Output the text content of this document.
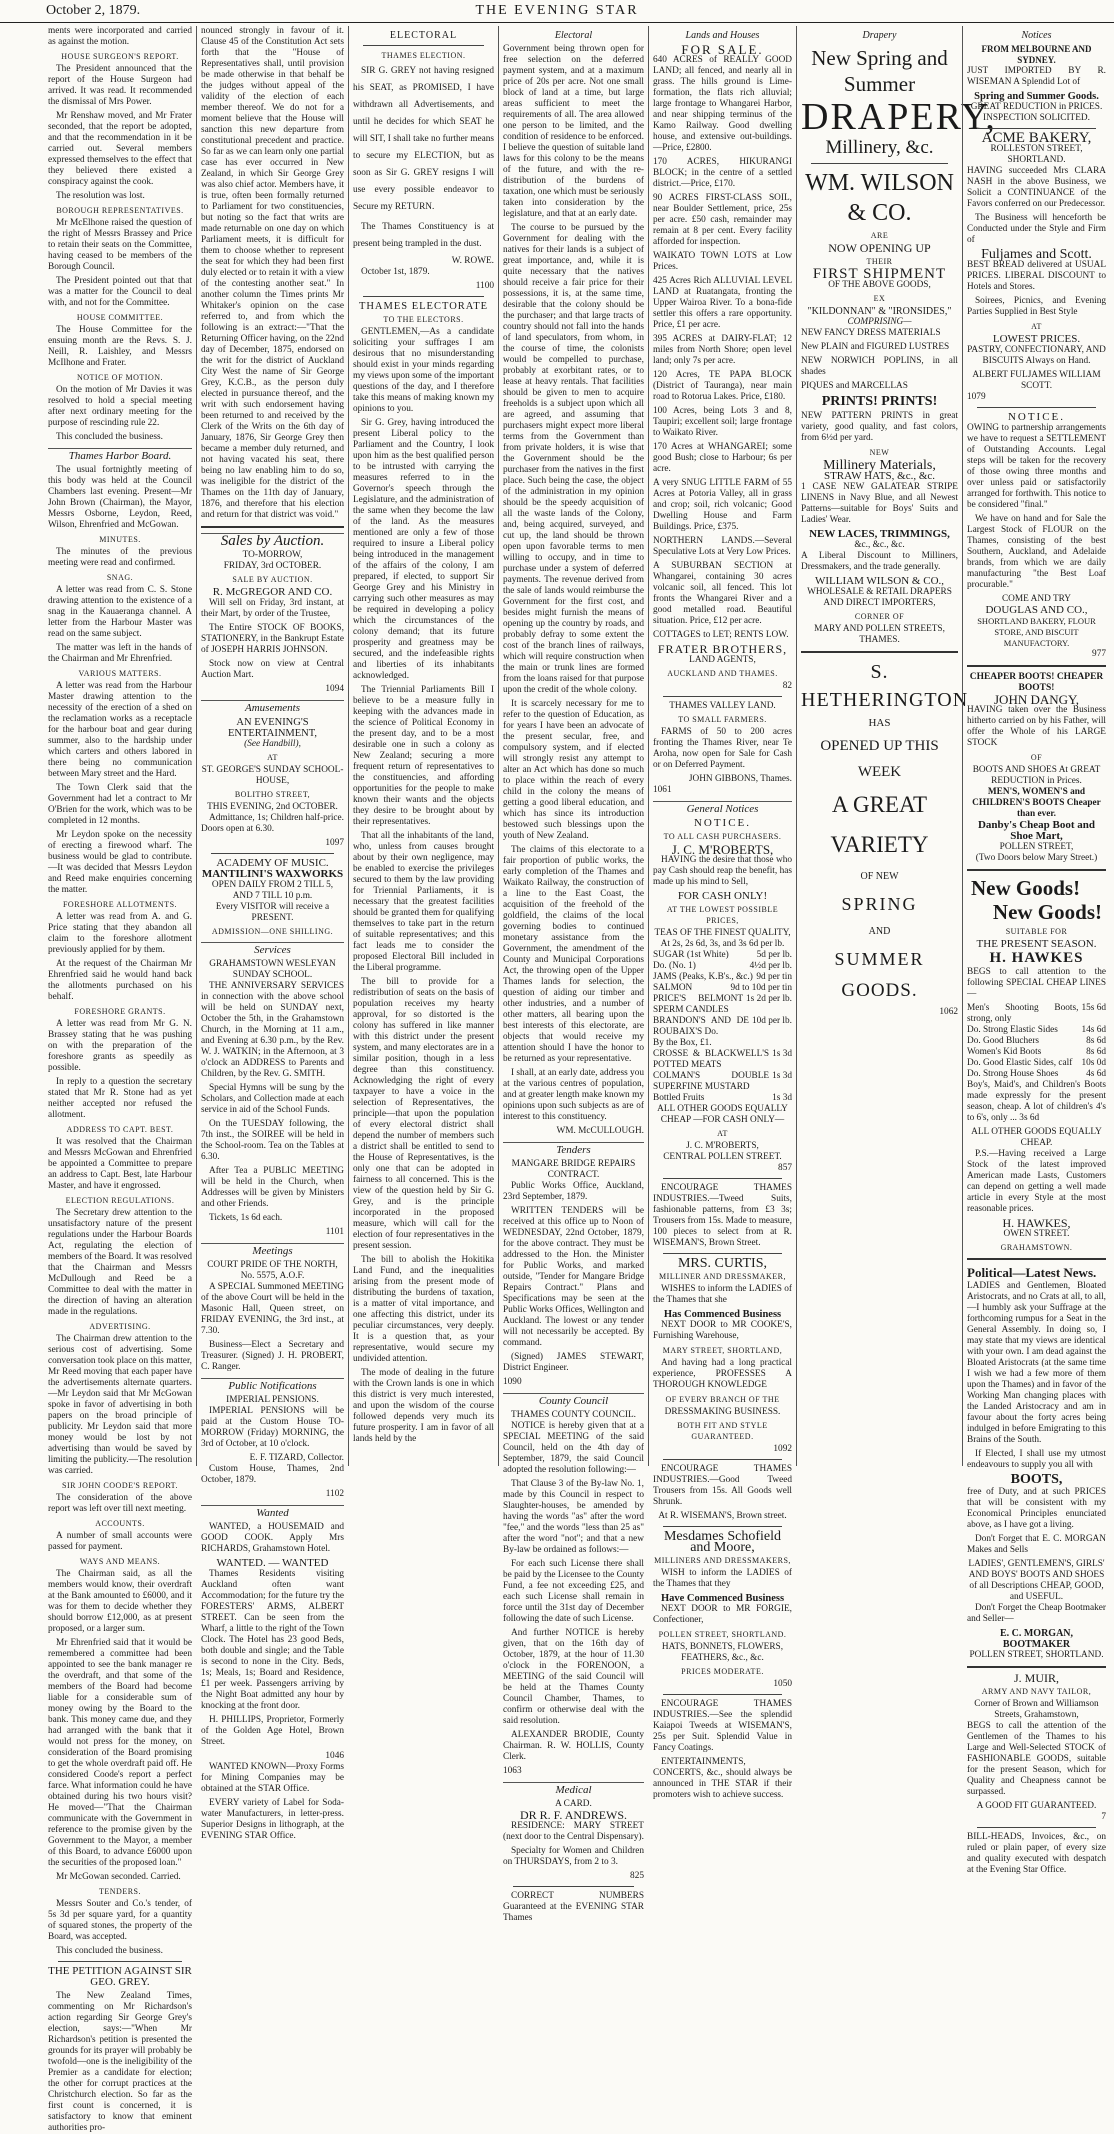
October 2, 1879.	THE EVENING STAR

ments were incorporated and carried as against the motion.

HOUSE SURGEON'S REPORT.

The President announced that the report of the House Surgeon had arrived. It was read. It recommended the dismissal of Mrs Power.

Mr Renshaw moved, and Mr Frater seconded, that the report be adopted, and that the recommendation in it be carried out. Several members expressed themselves to the effect that they believed there existed a conspiracy against the cook.

The resolution was lost.

BOROUGH REPRESENTATIVES.

Mr McElhone raised the question of the right of Messrs Brassey and Price to retain their seats on the Committee, having ceased to be members of the Borough Council.

The President pointed out that that was a matter for the Council to deal with, and not for the Committee.

HOUSE COMMITTEE.

The House Committee for the ensuing month are the Revs. S. J. Neill, R. Laishley, and Messrs McIlhone and Frater.

NOTICE OF MOTION.

On the motion of Mr Davies it was resolved to hold a special meeting after next ordinary meeting for the purpose of rescinding rule 22.

This concluded the business.

Thames Harbor Board.

The usual fortnightly meeting of this body was held at the Council Chambers last evening. Present—Mr John Brown (Chairman), the Mayor, Messrs Osborne, Leydon, Reed, Wilson, Ehrenfried and McGowan.

MINUTES.

The minutes of the previous meeting were read and confirmed.

SNAG.

A letter was read from C. S. Stone drawing attention to the existence of a snag in the Kauaeranga channel. A letter from the Harbour Master was read on the same subject.

The matter was left in the hands of the Chairman and Mr Ehrenfried.

VARIOUS MATTERS.

A letter was read from the Harbour Master drawing attention to the necessity of the erection of a shed on the reclamation works as a receptacle for the harbour boat and gear during summer, also to the hardship under which carters and others labored in there being no communication between Mary street and the Hard.

The Town Clerk said that the Government had let a contract to Mr O'Brien for the work, which was to be completed in 12 months.

Mr Leydon spoke on the necessity of erecting a firewood wharf. The business would be glad to contribute.—It was decided that Messrs Leydon and Reed make enquiries concerning the matter.

FORESHORE ALLOTMENTS.

A letter was read from A. and G. Price stating that they abandon all claim to the foreshore allotment previously applied for by them.

At the request of the Chairman Mr Ehrenfried said he would hand back the allotments purchased on his behalf.

FORESHORE GRANTS.

A letter was read from Mr G. N. Brassey stating that he was pushing on with the preparation of the foreshore grants as speedily as possible.

In reply to a question the secretary stated that Mr R. Stone had as yet neither accepted nor refused the allotment.

ADDRESS TO CAPT. BEST.

It was resolved that the Chairman and Messrs McGowan and Ehrenfried be appointed a Committee to prepare an address to Capt. Best, late Harbour Master, and have it engrossed.

ELECTION REGULATIONS.

The Secretary drew attention to the unsatisfactory nature of the present regulations under the Harbour Boards Act, regulating the election of members of the Board. It was resolved that the Chairman and Messrs McDullough and Reed be a Committee to deal with the matter in the direction of having an alteration made in the regulations.

ADVERTISING.

The Chairman drew attention to the serious cost of advertising. Some conversation took place on this matter, Mr Reed moving that each paper have the advertisements alternate quarters.—Mr Leydon said that Mr McGowan spoke in favor of advertising in both papers on the broad principle of publicity. Mr Leydon said that more money would be lost by not advertising than would be saved by limiting the publicity.—The resolution was carried.

SIR JOHN COODE'S REPORT.

The consideration of the above report was left over till next meeting.

ACCOUNTS.

A number of small accounts were passed for payment.

WAYS AND MEANS.

The Chairman said, as all the members would know, their overdraft at the Bank amounted to £6000, and it was for them to decide whether they should borrow £12,000, as at present proposed, or a larger sum.

Mr Ehrenfried said that it would be remembered a committee had been appointed to see the bank manager re the overdraft, and that some of the members of the Board had become liable for a considerable sum of money owing by the Board to the bank. This money came due, and they had arranged with the bank that it would not press for the money, on consideration of the Board promising to get the whole overdraft paid off. He considered Coode's report a perfect farce. What information could he have obtained during his two hours visit? He moved—"That the Chairman communicate with the Government in reference to the promise given by the Government to the Mayor, a member of this Board, to advance £6000 upon the securities of the proposed loan."

Mr McGowan seconded. Carried.

TENDERS.

Messrs Souter and Co.'s tender, of 5s 3d per square yard, for a quantity of squared stones, the property of the Board, was accepted.

This concluded the business.

THE PETITION AGAINST SIR GEO. GREY.

The New Zealand Times, commenting on Mr Richardson's action regarding Sir George Grey's election, says:—"When Mr Richardson's petition is presented the grounds for its prayer will probably be twofold—one is the ineligibility of the Premier as a candidate for election; the other for corrupt practices at the Christchurch election. So far as the first count is concerned, it is satisfactory to know that eminent authorities pro-

nounced strongly in favour of it. Clause 45 of the Constitution Act sets forth that the "House of Representatives shall, until provision be made otherwise in that behalf be the judges without appeal of the validity of the election of each member thereof. We do not for a moment believe that the House will sanction this new departure from constitutional precedent and practice. So far as we can learn only one partial case has ever occurred in New Zealand, in which Sir George Grey was also chief actor. Members have, it is true, often been formally returned to Parliament for two constituencies, but noting so the fact that writs are made returnable on one day on which Parliament meets, it is difficult for them to choose whether to represent the seat for which they had been first duly elected or to retain it with a view of the contesting another seat." In another column the Times prints Mr Whitaker's opinion on the case referred to, and from which the following is an extract:—"That the Returning Officer having, on the 22nd day of December, 1875, endorsed on the writ for the district of Auckland City West the name of Sir George Grey, K.C.B., as the person duly elected in pursuance thereof, and the writ with such endorsement having been returned to and received by the Clerk of the Writs on the 6th day of January, 1876, Sir George Grey then became a member duly returned, and not having vacated his seat, there being no law enabling him to do so, was ineligible for the district of the Thames on the 11th day of January, 1876, and therefore that his election and return for that district was void."

Sales by Auction.
TO-MORROW,
FRIDAY, 3rd OCTOBER.
SALE BY AUCTION.
R. McGREGOR AND CO.

Will sell on Friday, 3rd instant, at their Mart, by order of the Trustee,

The Entire STOCK OF BOOKS, STATIONERY, in the Bankrupt Estate of JOSEPH HARRIS JOHNSON.

Stock now on view at Central Auction Mart.

1094
Amusements
AN EVENING'S ENTERTAINMENT,
(See Handbill),
AT
ST. GEORGE'S SUNDAY SCHOOL-HOUSE,
BOLITHO STREET,
THIS EVENING, 2nd OCTOBER.

Admittance, 1s; Children half-price. Doors open at 6.30.

1097
ACADEMY OF MUSIC.
MANTILINI'S WAXWORKS
OPEN DAILY FROM 2 TILL 5, AND 7 TILL 10 p.m.
Every VISITOR will receive a PRESENT.
ADMISSION—ONE SHILLING.
Services
GRAHAMSTOWN WESLEYAN SUNDAY SCHOOL.

THE ANNIVERSARY SERVICES in connection with the above school will be held on SUNDAY next, October the 5th, in the Grahamstown Church, in the Morning at 11 a.m., and Evening at 6.30 p.m., by the Rev. W. J. WATKIN; in the Afternoon, at 3 o'clock an ADDRESS to Parents and Children, by the Rev. G. SMITH.

Special Hymns will be sung by the Scholars, and Collection made at each service in aid of the School Funds.

On the TUESDAY following, the 7th inst., the SOIREE will be held in the School-room. Tea on the Tables at 6.30.

After Tea a PUBLIC MEETING will be held in the Church, when Addresses will be given by Ministers and other Friends.

Tickets, 1s 6d each.

1101
Meetings
COURT PRIDE OF THE NORTH, No. 5575, A.O.F.

A SPECIAL Summoned MEETING of the above Court will be held in the Masonic Hall, Queen street, on FRIDAY EVENING, the 3rd inst., at 7.30.

Business—Elect a Secretary and Treasurer. (Signed) J. H. PROBERT, C. Ranger.

Public Notifications
IMPERIAL PENSIONS.

IMPERIAL PENSIONS will be paid at the Custom House TO-MORROW (Friday) MORNING, the 3rd of October, at 10 o'clock.

E. F. TIZARD, Collector.

Custom House, Thames, 2nd October, 1879.

1102
Wanted

WANTED, a HOUSEMAID and GOOD COOK. Apply Mrs RICHARDS, Grahamstown Hotel.

WANTED. — WANTED

Thames Residents visiting Auckland often want Accommodation; for the future try the FORESTERS' ARMS, ALBERT STREET. Can be seen from the Wharf, a little to the right of the Town Clock. The Hotel has 23 good Beds, both double and single; and the Table is second to none in the City. Beds, 1s; Meals, 1s; Board and Residence, £1 per week. Passengers arriving by the Night Boat admitted any hour by knocking at the front door.

H. PHILLIPS, Proprietor, Formerly of the Golden Age Hotel, Brown Street.

1046

WANTED KNOWN—Proxy Forms for Mining Companies may be obtained at the STAR Office.

EVERY variety of Label for Soda-water Manufacturers, in letter-press. Superior Designs in lithograph, at the EVENING STAR Office.

ELECTORAL
THAMES ELECTION.

SIR G. GREY not having resigned his SEAT, as PROMISED, I have withdrawn all Advertisements, and until he decides for which SEAT he will SIT, I shall take no further means to secure my ELECTION, but as soon as Sir G. GREY resigns I will use every possible endeavor to Secure my RETURN.

The Thames Constituency is at present being trampled in the dust.

W. ROWE.

October 1st, 1879.

1100
THAMES ELECTORATE
TO THE ELECTORS.

GENTLEMEN,—As a candidate soliciting your suffrages I am desirous that no misunderstanding should exist in your minds regarding my views upon some of the important questions of the day, and I therefore take this means of making known my opinions to you.

Sir G. Grey, having introduced the present Liberal policy to the Parliament and the Country, I look upon him as the best qualified person to be intrusted with carrying the measures referred to in the Governor's speech through the Legislature, and the administration of the same when they become the law of the land. As the measures mentioned are only a few of those required to insure a Liberal policy being introduced in the management of the affairs of the colony, I am prepared, if elected, to support Sir George Grey and his Ministry in carrying such other measures as may be required in developing a policy which the circumstances of the colony demand; that its future prosperity and greatness may be secured, and the indefeasible rights and liberties of its inhabitants acknowledged.

The Triennial Parliaments Bill I believe to be a measure fully in keeping with the advances made in the science of Political Economy in the present day, and to be a most desirable one in such a colony as New Zealand; securing a more frequent return of representatives to the constituencies, and affording opportunities for the people to make known their wants and the objects they desire to be brought about by their representatives.

That all the inhabitants of the land, who, unless from causes brought about by their own negligence, may be enabled to exercise the privileges secured to them by the law providing for Triennial Parliaments, it is necessary that the greatest facilities should be granted them for qualifying themselves to take part in the return of suitable representatives; and this fact leads me to consider the proposed Electoral Bill included in the Liberal programme.

The bill to provide for a redistribution of seats on the basis of population receives my hearty approval, for so distorted is the colony has suffered in like manner with this district under the present system, and many electorates are in a similar position, though in a less degree than this constituency. Acknowledging the right of every taxpayer to have a voice in the selection of Representatives, the principle—that upon the population of every electoral district shall depend the number of members such a district shall be entitled to send to the House of Representatives, is the only one that can be adopted in fairness to all concerned. This is the view of the question held by Sir G. Grey, and is the principle incorporated in the proposed measure, which will call for the election of four representatives in the present session.

The bill to abolish the Hokitika Land Fund, and the inequalities arising from the present mode of distributing the burdens of taxation, is a matter of vital importance, and one affecting this district, under its peculiar circumstances, very deeply. It is a question that, as your representative, would secure my undivided attention.

The mode of dealing in the future with the Crown lands is one in which this district is very much interested, and upon the wisdom of the course followed depends very much its future prosperity. I am in favor of all lands held by the

Electoral

Government being thrown open for free selection on the deferred payment system, and at a maximum price of 20s per acre. Not one small block of land at a time, but large areas sufficient to meet the requirements of all. The area allowed one person to be limited, and the condition of residence to be enforced. I believe the question of suitable land laws for this colony to be the means of the future, and with the re-distribution of the burdens of taxation, one which must be seriously taken into consideration by the legislature, and that at an early date.

The course to be pursued by the Government for dealing with the natives for their lands is a subject of great importance, and, while it is quite necessary that the natives should receive a fair price for their possessions, it is, at the same time, desirable that the colony should be the purchaser; and that large tracts of country should not fall into the hands of land speculators, from whom, in the course of time, the colonists would be compelled to purchase, probably at exorbitant rates, or to lease at heavy rentals. That facilities should be given to men to acquire freeholds is a subject upon which all are agreed, and assuming that purchasers might expect more liberal terms from the Government than from private holders, it is wise that the Government should be the purchaser from the natives in the first place. Such being the case, the object of the administration in my opinion should be the speedy acquisition of all the waste lands of the Colony, and, being acquired, surveyed, and cut up, the land should be thrown open upon favorable terms to men willing to occupy, and in time to purchase under a system of deferred payments. The revenue derived from the sale of lands would reimburse the Government for the first cost, and besides might furnish the means of opening up the country by roads, and probably defray to some extent the cost of the branch lines of railways, which will require construction when the main or trunk lines are formed from the loans raised for that purpose upon the credit of the whole colony.

It is scarcely necessary for me to refer to the question of Education, as for years I have been an advocate of the present secular, free, and compulsory system, and if elected will strongly resist any attempt to alter an Act which has done so much to place within the reach of every child in the colony the means of getting a good liberal education, and which has since its introduction bestowed such blessings upon the youth of New Zealand.

The claims of this electorate to a fair proportion of public works, the early completion of the Thames and Waikato Railway, the construction of a line to the East Coast, the acquisition of the freehold of the goldfield, the claims of the local governing bodies to continued monetary assistance from the Government, the amendment of the County and Municipal Corporations Act, the throwing open of the Upper Thames lands for selection, the question of aiding our timber and other industries, and a number of other matters, all bearing upon the best interests of this electorate, are objects that would receive my attention should I have the honor to be returned as your representative.

I shall, at an early date, address you at the various centres of population, and at greater length make known my opinions upon such subjects as are of interest to this constituency.

WM. McCULLOUGH.
Tenders
MANGARE BRIDGE REPAIRS CONTRACT.

Public Works Office, Auckland, 23rd September, 1879.

WRITTEN TENDERS will be received at this office up to Noon of WEDNESDAY, 22nd October, 1879, for the above contract. They must be addressed to the Hon. the Minister for Public Works, and marked outside, "Tender for Mangare Bridge Repairs Contract." Plans and Specifications may be seen at the Public Works Offices, Wellington and Auckland. The lowest or any tender will not necessarily be accepted. By command.

(Signed) JAMES STEWART, District Engineer.

1090
County Council
THAMES COUNTY COUNCIL.

NOTICE is hereby given that at a SPECIAL MEETING of the said Council, held on the 4th day of September, 1879, the said Council adopted the resolution following:—

That Clause 3 of the By-law No. 1, made by this Council in respect to Slaughter-houses, be amended by having the words "as" after the word "fee," and the words "less than 25 as" after the word "not"; and that a new By-law be ordained as follows:—

For each such License there shall be paid by the Licensee to the County Fund, a fee not exceeding £25, and each such License shall remain in force until the 31st day of December following the date of such License.

And further NOTICE is hereby given, that on the 16th day of October, 1879, at the hour of 11.30 o'clock in the FORENOON, a MEETING of the said Council will be held at the Thames County Council Chamber, Thames, to confirm or otherwise deal with the said resolution.

ALEXANDER BRODIE, County Chairman. R. W. HOLLIS, County Clerk.

1063
Medical
A CARD.
DR R. F. ANDREWS.

RESIDENCE: MARY STREET (next door to the Central Dispensary).

Specialty for Women and Children on THURSDAYS, from 2 to 3.

825

CORRECT NUMBERS Guaranteed at the EVENING STAR Thames

Lands and Houses
FOR SALE.

640 ACRES of REALLY GOOD LAND; all fenced, and nearly all in grass. The hills ground is Lime-formation, the flats rich alluvial; large frontage to Whangarei Harbor, and near shipping terminus of the Kamo Railway. Good dwelling house, and extensive out-buildings.—Price, £2800.

170 ACRES, HIKURANGI BLOCK; in the centre of a settled district.—Price, £170.

90 ACRES FIRST-CLASS SOIL, near Boulder Settlement, price, 25s per acre. £50 cash, remainder may remain at 8 per cent. Every facility afforded for inspection.

WAIKATO TOWN LOTS at Low Prices.

425 Acres Rich ALLUVIAL LEVEL LAND at Ruatangata, fronting the Upper Wairoa River. To a bona-fide settler this offers a rare opportunity. Price, £1 per acre.

395 ACRES at DAIRY-FLAT; 12 miles from North Shore; open level land; only 7s per acre.

120 Acres, TE PAPA BLOCK (District of Tauranga), near main road to Rotorua Lakes. Price, £180.

100 Acres, being Lots 3 and 8, Taupiri; excellent soil; large frontage to Waikato River.

170 Acres at WHANGAREI; some good Bush; close to Harbour; 6s per acre.

A very SNUG LITTLE FARM of 55 Acres at Potoria Valley, all in grass and crop; soil, rich volcanic; Good Dwelling House and Farm Buildings. Price, £375.

NORTHERN LANDS.—Several Speculative Lots at Very Low Prices.

A SUBURBAN SECTION at Whangarei, containing 30 acres volcanic soil, all fenced. This lot fronts the Whangarei River and a good metalled road. Beautiful situation. Price, £12 per acre.

COTTAGES to LET; RENTS LOW.

FRATER BROTHERS,
LAND AGENTS,
AUCKLAND AND THAMES.
82
THAMES VALLEY LAND.
TO SMALL FARMERS.

FARMS of 50 to 200 acres fronting the Thames River, near Te Aroha, now open for Sale for Cash or on Deferred Payment.

JOHN GIBBONS, Thames.
1061
General Notices
NOTICE.
TO ALL CASH PURCHASERS.
J. C. M'ROBERTS,

HAVING the desire that those who pay Cash should reap the benefit, has made up his mind to Sell,

FOR CASH ONLY!
AT THE LOWEST POSSIBLE PRICES,
TEAS OF THE FINEST QUALITY,
At 2s, 2s 6d, 3s, and 3s 6d per lb.
SUGAR (1st White)	5d per lb.
Do. (No. 1)	4½d per lb.
JAMS (Peaks, K.B's., &c.) 9d per tin
SALMON	9d to 10d per tin
PRICE'S BELMONT SPERM CANDLES
1s 2d per lb.
BRANDON'S AND DE ROUBAIX'S Do.
10d per lb.
By the Box, £1.
CROSSE & BLACKWELL'S POTTED MEATS
1s 3d
COLMAN'S DOUBLE SUPERFINE MUSTARD
1s 3d
Bottled Fruits	1s 3d
ALL OTHER GOODS EQUALLY CHEAP —FOR CASH ONLY—
AT
J. C. M'ROBERTS,
CENTRAL POLLEN STREET.
857

ENCOURAGE THAMES INDUSTRIES.—Tweed Suits, fashionable patterns, from £3 3s; Trousers from 15s. Made to measure, 100 pieces to select from at R. WISEMAN'S, Brown Street.

MRS. CURTIS,
MILLINER AND DRESSMAKER,

WISHES to inform the LADIES of the Thames that she

Has Commenced Business

NEXT DOOR to MR COOKE'S, Furnishing Warehouse,

MARY STREET, SHORTLAND,

And having had a long practical experience, PROFESSES A THOROUGH KNOWLEDGE

OF EVERY BRANCH OF THE
DRESSMAKING BUSINESS.
BOTH FIT AND STYLE GUARANTEED.
1092

ENCOURAGE THAMES INDUSTRIES.—Good Tweed Trousers from 15s. All Goods well Shrunk.

At R. WISEMAN'S, Brown street.
Mesdames Schofield
and Moore,
MILLINERS AND DRESSMAKERS,

WISH to inform the LADIES of the Thames that they

Have Commenced Business

NEXT DOOR to MR FORGIE, Confectioner,

POLLEN STREET, SHORTLAND.
HATS, BONNETS, FLOWERS,
FEATHERS, &c., &c.
PRICES MODERATE.
1050

ENCOURAGE THAMES INDUSTRIES.—See the splendid Kaiapoi Tweeds at WISEMAN'S, 25s per Suit. Splendid Value in Fancy Coatings.

ENTERTAINMENTS, CONCERTS, &c., should always be announced in THE STAR if their promoters wish to achieve success.

Drapery
New Spring and
Summer
DRAPERY,
Millinery, &c.
WM. WILSON & CO.
ARE
NOW OPENING UP
THEIR
FIRST SHIPMENT
OF THE ABOVE GOODS,
EX
"KILDONNAN" & "IRONSIDES,"
COMPRISING—

NEW FANCY DRESS MATERIALS

New PLAIN and FIGURED LUSTRES

NEW NORWICH POPLINS, in all shades

PIQUES and MARCELLAS

PRINTS! PRINTS!

NEW PATTERN PRINTS in great variety, good quality, and fast colors, from 6½d per yard.

NEW
Millinery Materials,
STRAW HATS, &c., &c.

1 CASE NEW GALATEAR STRIPE LINENS in Navy Blue, and all Newest Patterns—suitable for Boys' Suits and Ladies' Wear.

NEW LACES, TRIMMINGS,
&c., &c., &c.

A Liberal Discount to Milliners, Dressmakers, and the trade generally.

WILLIAM WILSON & CO.,
WHOLESALE & RETAIL DRAPERS AND DIRECT IMPORTERS,
CORNER OF
MARY AND POLLEN STREETS,
THAMES.
S. HETHERINGTON
HAS
OPENED UP THIS
WEEK
A GREAT VARIETY
OF NEW
SPRING
AND
SUMMER
GOODS.
1062
Notices
FROM MELBOURNE AND SYDNEY.

JUST IMPORTED BY R. WISEMAN A Splendid Lot of

Spring and Summer Goods.
GREAT REDUCTION in PRICES. INSPECTION SOLICITED.
ACME BAKERY,
ROLLESTON STREET, SHORTLAND.

HAVING succeeded Mrs CLARA NASH in the above Business, we Solicit a CONTINUANCE of the Favors conferred on our Predecessor.

The Business will henceforth be Conducted under the Style and Firm of

Fuljames and Scott.

BEST BREAD delivered at USUAL PRICES. LIBERAL DISCOUNT to Hotels and Stores.

Soirees, Picnics, and Evening Parties Supplied in Best Style

AT
LOWEST PRICES.

PASTRY, CONFECTIONARY, AND BISCUITS Always on Hand.

ALBERT FULJAMES WILLIAM SCOTT.
1079
NOTICE.

OWING to partnership arrangements we have to request a SETTLEMENT of Outstanding Accounts. Legal steps will be taken for the recovery of those owing three months and over unless paid or satisfactorily arranged for forthwith. This notice to be considered "final."

We have on hand and for Sale the Largest Stock of FLOUR on the Thames, consisting of the best Southern, Auckland, and Adelaide brands, from which we are daily manufacturing "the Best Loaf procurable."

COME AND TRY
DOUGLAS AND CO.,
SHORTLAND BAKERY, FLOUR STORE, AND BISCUIT MANUFACTORY.
977
CHEAPER BOOTS! CHEAPER BOOTS!
JOHN DANGY,

HAVING taken over the Business hitherto carried on by his Father, will offer the Whole of his LARGE STOCK

OF
BOOTS AND SHOES At GREAT REDUCTION in Prices.
MEN'S, WOMEN'S and CHILDREN'S BOOTS Cheaper than ever.
Danby's Cheap Boot and Shoe Mart,
POLLEN STREET,
(Two Doors below Mary Street.)
New Goods!
New Goods!
SUITABLE FOR
THE PRESENT SEASON.
H. HAWKES

BEGS to call attention to the following SPECIAL CHEAP LINES—

Men's Shooting Boots, strong, only
15s 6d
Do. Strong Elastic Sides	14s 6d
Do. Good Bluchers	8s 6d
Women's Kid Boots	8s 6d
Do. Good Elastic Sides, calf 10s 0d
Do. Strong House Shoes	4s 6d

Boy's, Maid's, and Children's Boots made expressly for the present season, cheap. A lot of children's 4's to 6's, only ... 3s 6d

ALL OTHER GOODS EQUALLY CHEAP.

P.S.—Having received a Large Stock of the latest improved American made Lasts, Customers can depend on getting a well made article in every Style at the most reasonable prices.

H. HAWKES,
OWEN STREET.
GRAHAMSTOWN.
Political—Latest News.

LADIES and Gentlemen, Bloated Aristocrats, and no Crats at all, to all,—I humbly ask your Suffrage at the forthcoming rumpus for a Seat in the General Assembly. In doing so, I may state that my views are identical with your own. I am dead against the Bloated Aristocrats (at the same time I wish we had a few more of them upon the Thames) and in favor of the Working Man changing places with the Landed Aristocracy and am in favour about the forty acres being indulged in before Emigrating to this Brains of the South.

If Elected, I shall use my utmost endeavours to supply you all with

BOOTS,

free of Duty, and at such PRICES that will be consistent with my Economical Principles enunciated above, as I have got a living.

Don't Forget that E. C. MORGAN Makes and Sells

LADIES', GENTLEMEN'S, GIRLS' AND BOYS' BOOTS AND SHOES
of all Descriptions CHEAP, GOOD, and USEFUL.

Don't Forget the Cheap Bootmaker and Seller—

E. C. MORGAN, BOOTMAKER
POLLEN STREET, SHORTLAND.
J. MUIR,
ARMY AND NAVY TAILOR,
Corner of Brown and Williamson Streets, Grahamstown,

BEGS to call the attention of the Gentlemen of the Thames to his Large and Well-Selected STOCK of FASHIONABLE GOODS, suitable for the present Season, which for Quality and Cheapness cannot be surpassed.

A GOOD FIT GUARANTEED.
7

BILL-HEADS, Invoices, &c., on ruled or plain paper, of every size and quality executed with despatch at the Evening Star Office.
